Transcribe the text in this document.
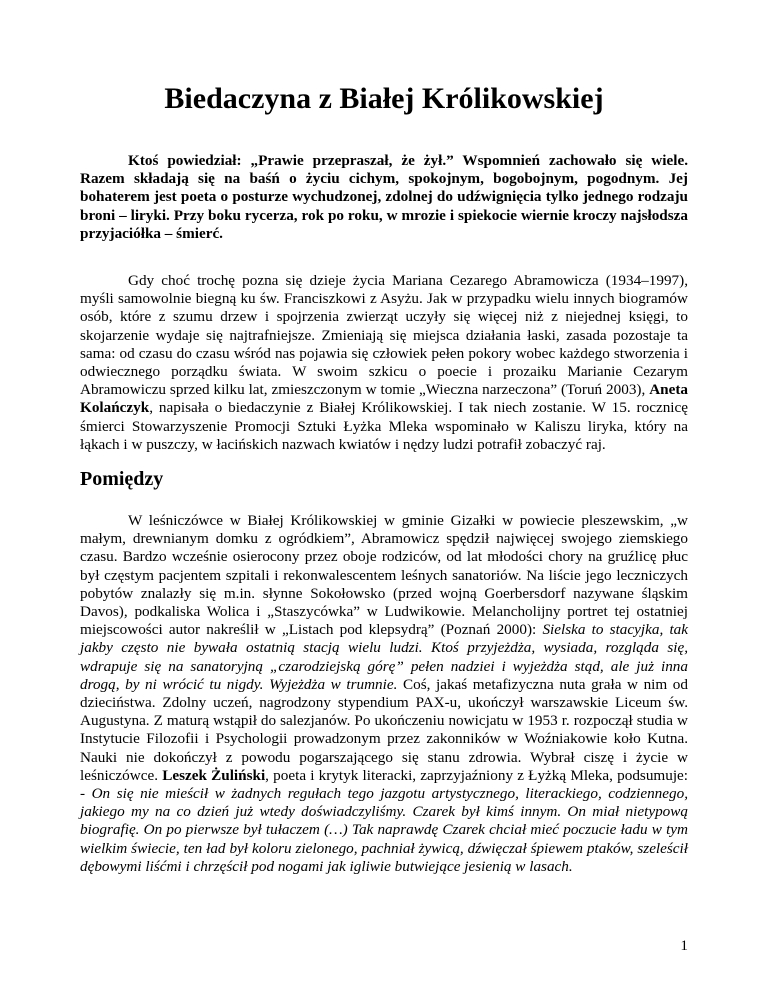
Biedaczyna z Białej Królikowskiej

Ktoś powiedział: „Prawie przepraszał, że żył.” Wspomnień zachowało się wiele. Razem składają się na baśń o życiu cichym, spokojnym, bogobojnym, pogodnym. Jej bohaterem jest poeta o posturze wychudzonej, zdolnej do udźwignięcia tylko jednego rodzaju broni – liryki. Przy boku rycerza, rok po roku, w mrozie i spiekocie wiernie kroczy najsłodsza przyjaciółka – śmierć.

Gdy choć trochę pozna się dzieje życia Mariana Cezarego Abramowicza (1934–1997), myśli samowolnie biegną ku św. Franciszkowi z Asyżu. Jak w przypadku wielu innych biogramów osób, które z szumu drzew i spojrzenia zwierząt uczyły się więcej niż z niejednej księgi, to skojarzenie wydaje się najtrafniejsze. Zmieniają się miejsca działania łaski, zasada pozostaje ta sama: od czasu do czasu wśród nas pojawia się człowiek pełen pokory wobec każdego stworzenia i odwiecznego porządku świata. W swoim szkicu o poecie i prozaiku Marianie Cezarym Abramowiczu sprzed kilku lat, zmieszczonym w tomie „Wieczna narzeczona” (Toruń 2003), Aneta Kolańczyk, napisała o biedaczynie z Białej Królikowskiej. I tak niech zostanie. W 15. rocznicę śmierci Stowarzyszenie Promocji Sztuki Łyżka Mleka wspominało w Kaliszu liryka, który na łąkach i w puszczy, w łacińskich nazwach kwiatów i nędzy ludzi potrafił zobaczyć raj.

Pomiędzy

W leśniczówce w Białej Królikowskiej w gminie Gizałki w powiecie pleszewskim, „w małym, drewnianym domku z ogródkiem”, Abramowicz spędził najwięcej swojego ziemskiego czasu. Bardzo wcześnie osierocony przez oboje rodziców, od lat młodości chory na gruźlicę płuc był częstym pacjentem szpitali i rekonwalescentem leśnych sanatoriów. Na liście jego leczniczych pobytów znalazły się m.in. słynne Sokołowsko (przed wojną Goerbersdorf nazywane śląskim Davos), podkaliska Wolica i „Staszycówka” w Ludwikowie. Melancholijny portret tej ostatniej miejscowości autor nakreślił w „Listach pod klepsydrą” (Poznań 2000): Sielska to stacyjka, tak jakby często nie bywała ostatnią stacją wielu ludzi. Ktoś przyjeżdża, wysiada, rozgląda się, wdrapuje się na sanatoryjną „czarodziejską górę” pełen nadziei i wyjeżdża stąd, ale już inna drogą, by ni wrócić tu nigdy. Wyjeżdża w trumnie. Coś, jakaś metafizyczna nuta grała w nim od dzieciństwa. Zdolny uczeń, nagrodzony stypendium PAX-u, ukończył warszawskie Liceum św. Augustyna. Z maturą wstąpił do salezjanów. Po ukończeniu nowicjatu w 1953 r. rozpoczął studia w Instytucie Filozofii i Psychologii prowadzonym przez zakonników w Woźniakowie koło Kutna. Nauki nie dokończył z powodu pogarszającego się stanu zdrowia. Wybrał ciszę i życie w leśniczówce. Leszek Żuliński, poeta i krytyk literacki, zaprzyjaźniony z Łyżką Mleka, podsumuje: - On się nie mieścił w żadnych regułach tego jazgotu artystycznego, literackiego, codziennego, jakiego my na co dzień już wtedy doświadczyliśmy. Czarek był kimś innym. On miał nietypową biografię. On po pierwsze był tułaczem (…) Tak naprawdę Czarek chciał mieć poczucie ładu w tym wielkim świecie, ten ład był koloru zielonego, pachniał żywicą, dźwięczał śpiewem ptaków, szeleścił dębowymi liśćmi i chrzęścił pod nogami jak igliwie butwiejące jesienią w lasach.

1
